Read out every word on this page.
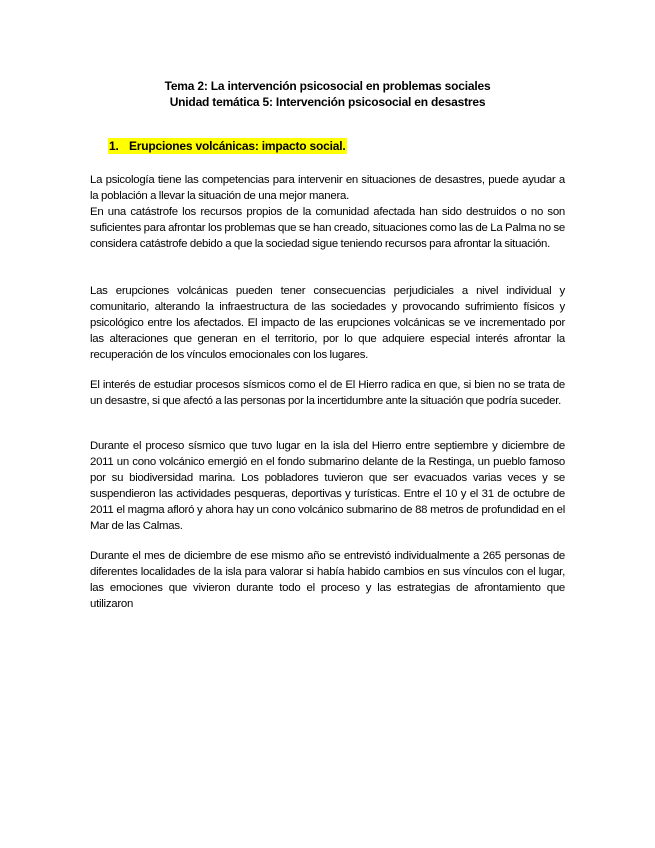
Tema 2: La intervención psicosocial en problemas sociales
Unidad temática 5: Intervención psicosocial en desastres
1. Erupciones volcánicas: impacto social.

La psicología tiene las competencias para intervenir en situaciones de desastres, puede ayudar a la población a llevar la situación de una mejor manera.

En una catástrofe los recursos propios de la comunidad afectada han sido destruidos o no son suficientes para afrontar los problemas que se han creado, situaciones como las de La Palma no se considera catástrofe debido a que la sociedad sigue teniendo recursos para afrontar la situación.

Las erupciones volcánicas pueden tener consecuencias perjudiciales a nivel individual y comunitario, alterando la infraestructura de las sociedades y provocando sufrimiento físicos y psicológico entre los afectados. El impacto de las erupciones volcánicas se ve incrementado por las alteraciones que generan en el territorio, por lo que adquiere especial interés afrontar la recuperación de los vínculos emocionales con los lugares.

El interés de estudiar procesos sísmicos como el de El Hierro radica en que, si bien no se trata de un desastre, si que afectó a las personas por la incertidumbre ante la situación que podría suceder.

Durante el proceso sísmico que tuvo lugar en la isla del Hierro entre septiembre y diciembre de 2011 un cono volcánico emergió en el fondo submarino delante de la Restinga, un pueblo famoso por su biodiversidad marina. Los pobladores tuvieron que ser evacuados varias veces y se suspendieron las actividades pesqueras, deportivas y turísticas. Entre el 10 y el 31 de octubre de 2011 el magma afloró y ahora hay un cono volcánico submarino de 88 metros de profundidad en el Mar de las Calmas.

Durante el mes de diciembre de ese mismo año se entrevistó individualmente a 265 personas de diferentes localidades de la isla para valorar si había habido cambios en sus vínculos con el lugar, las emociones que vivieron durante todo el proceso y las estrategias de afrontamiento que utilizaron
